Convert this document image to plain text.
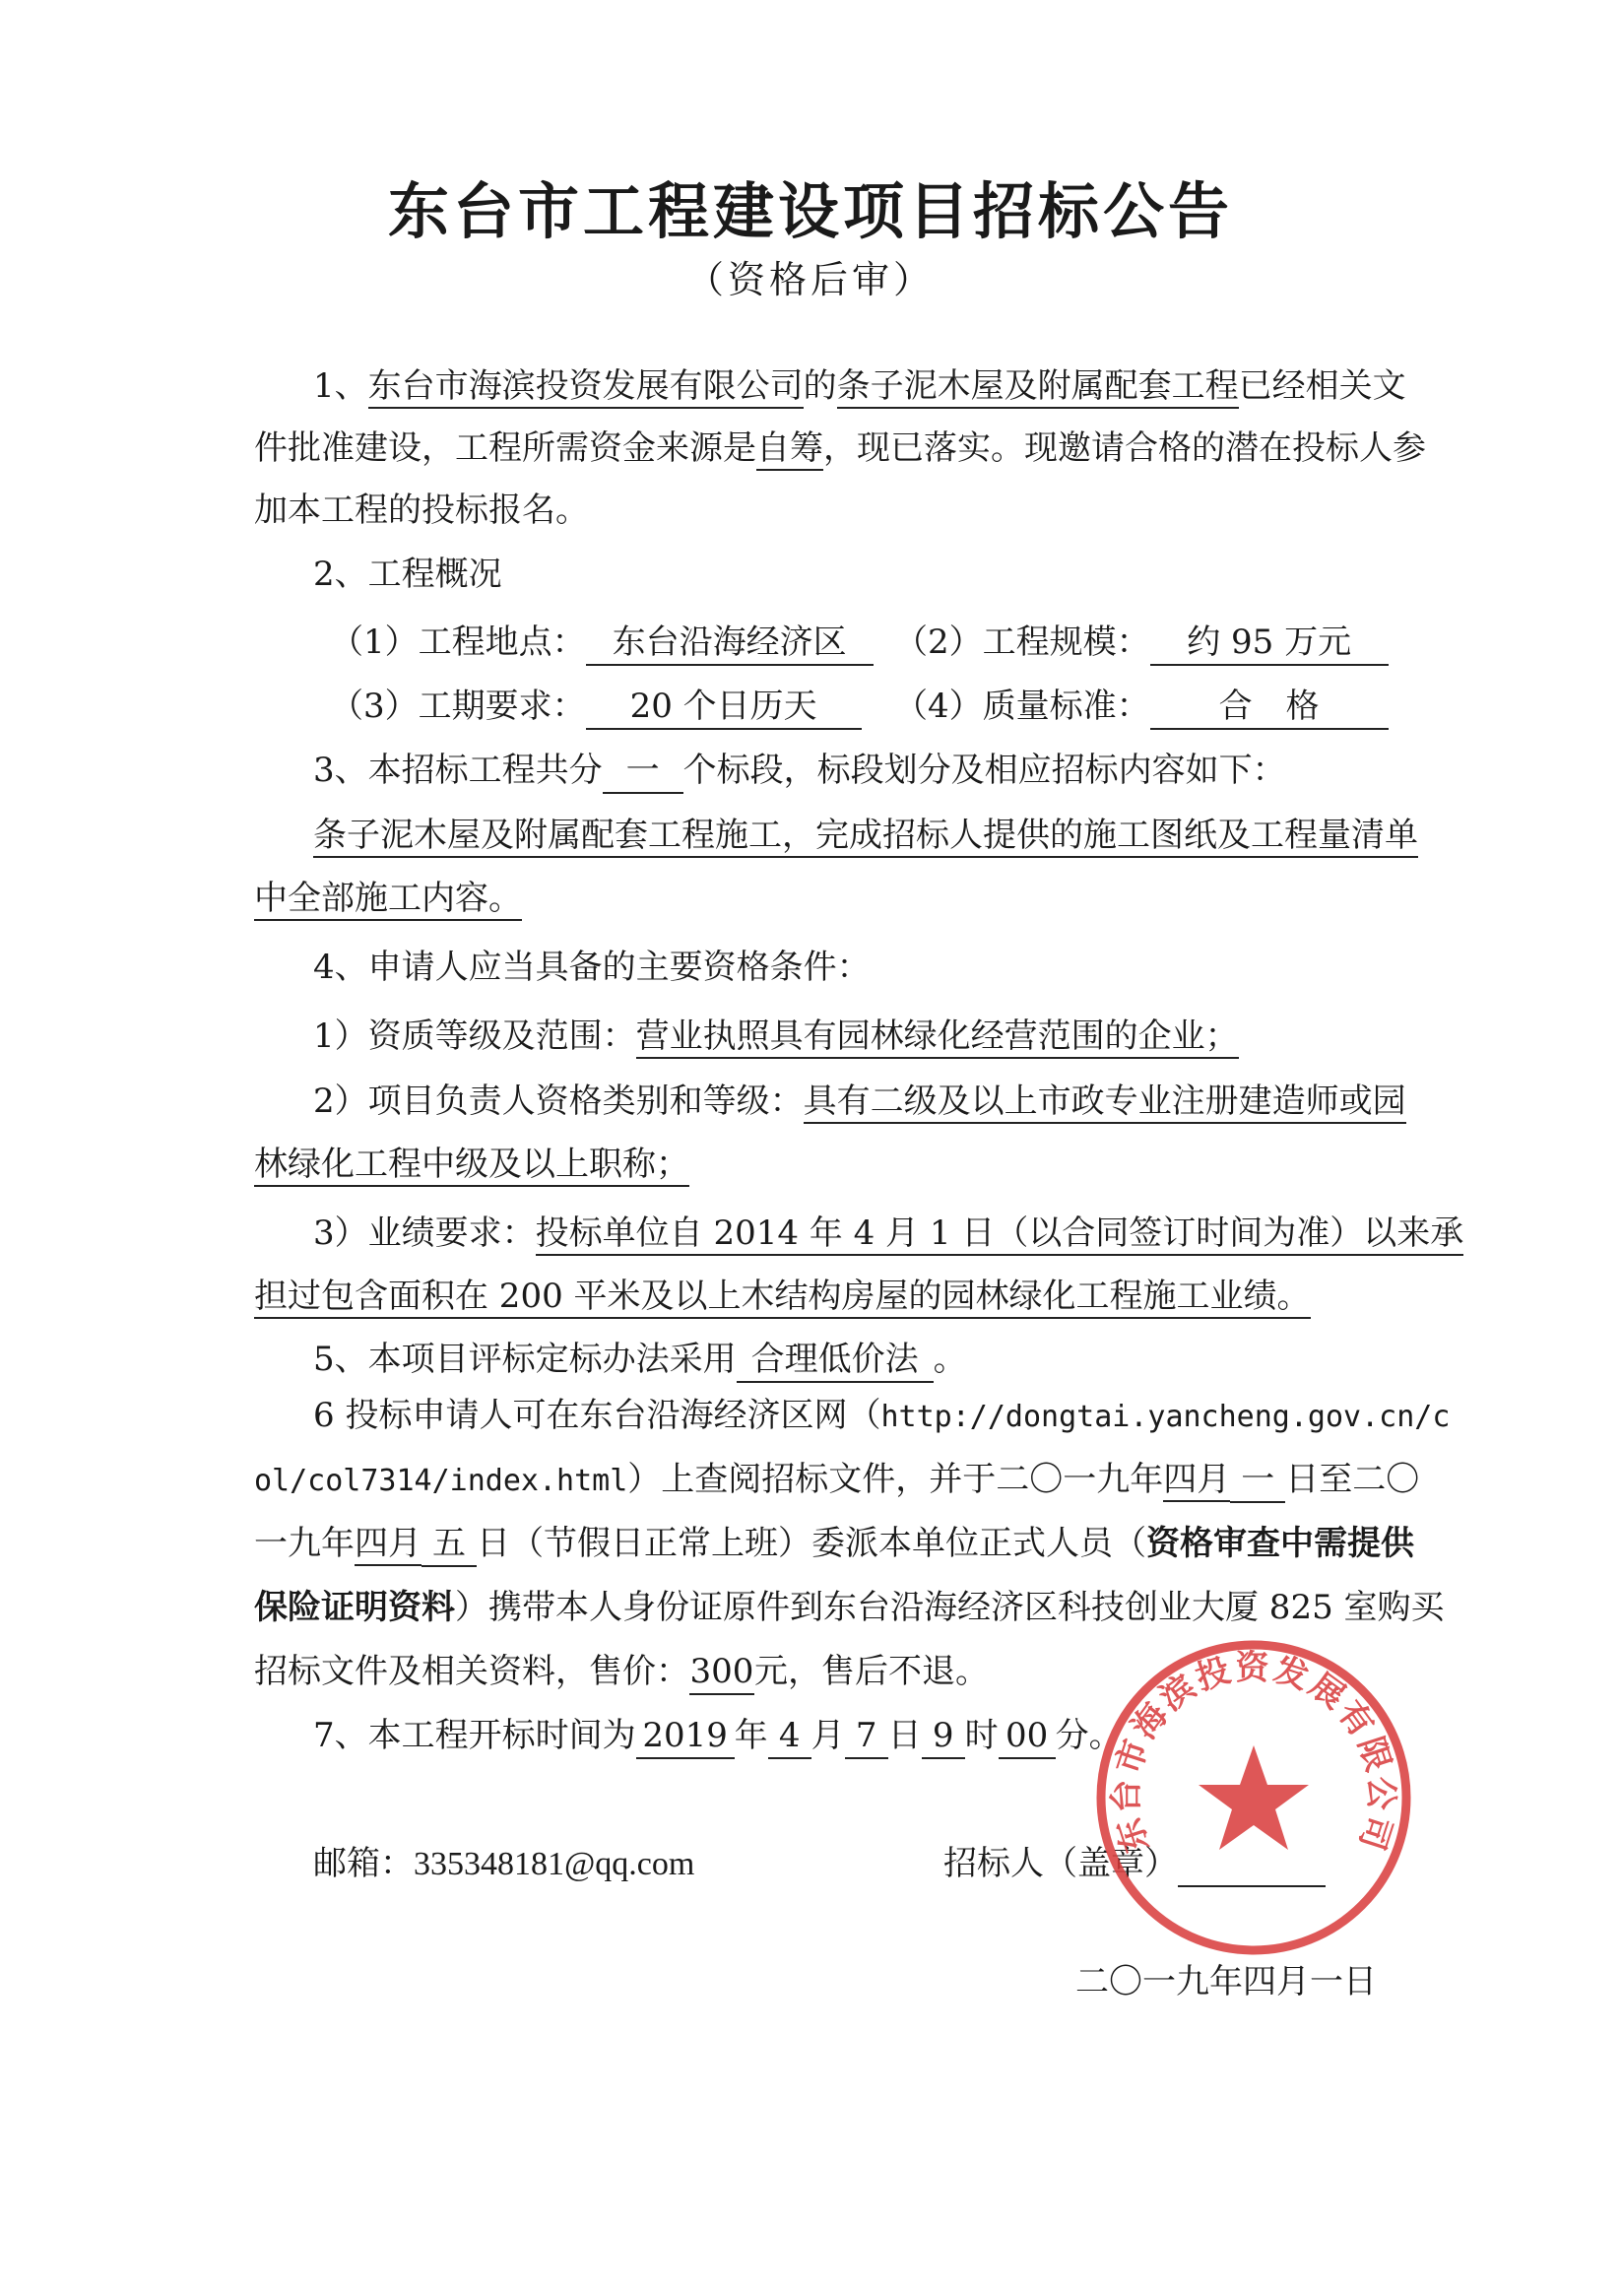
东台市工程建设项目招标公告
（资格后审）
1、东台市海滨投资发展有限公司的条子泥木屋及附属配套工程已经相关文
件批准建设，工程所需资金来源是自筹，现已落实。现邀请合格的潜在投标人参
加本工程的投标报名。
2、工程概况
（1）工程地点： 东台沿海经济区	（2）工程规模： 约 95 万元
（3）工期要求： 20 个日历天	（4）质量标准： 合　格
3、本招标工程共分 一 个标段，标段划分及相应招标内容如下：
条子泥木屋及附属配套工程施工，完成招标人提供的施工图纸及工程量清单
中全部施工内容。
4、申请人应当具备的主要资格条件：
1）资质等级及范围：营业执照具有园林绿化经营范围的企业；
2）项目负责人资格类别和等级：具有二级及以上市政专业注册建造师或园
林绿化工程中级及以上职称；
3）业绩要求：投标单位自 2014 年 4 月 1 日（以合同签订时间为准）以来承
担过包含面积在 200 平米及以上木结构房屋的园林绿化工程施工业绩。
5、本项目评标定标办法采用 合理低价法 。
6 投标申请人可在东台沿海经济区网（http://dongtai.yancheng.gov.cn/c
ol/col7314/index.html）上查阅招标文件，并于二〇一九年四月 一 日至二〇
一九年四月 五 日（节假日正常上班）委派本单位正式人员（资格审查中需提供
保险证明资料）携带本人身份证原件到东台沿海经济区科技创业大厦 825 室购买
招标文件及相关资料，售价：300元，售后不退。
7、本工程开标时间为 2019 年 4 月 7 日 9 时 00 分。
邮箱：335348181@qq.com	招标人（盖章）
二〇一九年四月一日
东台市海滨投资发展有限公司
